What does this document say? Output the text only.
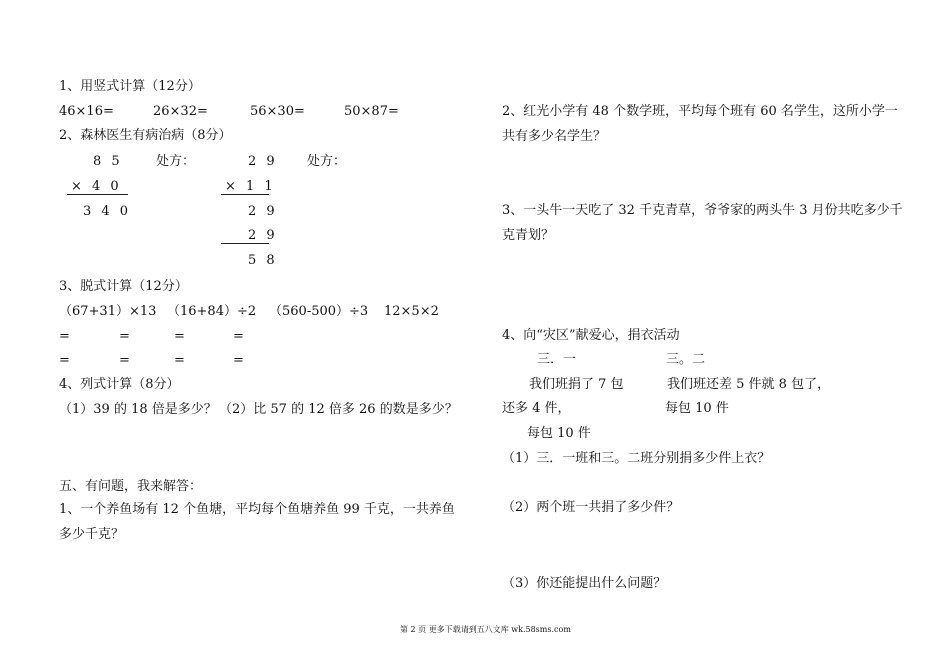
1、用竖式计算（12分）
46×16=	26×32=	56×30=	50×87=
2、森林医生有病治病（8分）
8 5	处方：
× 4 0
3 4 0
2 9 处方：
× 1 1
2 9
2 9
5 8
3、脱式计算（12分）
（67+31）×13 （16+84）÷2 （560-500）÷3 12×5×2
=	=	=	=
=	=	=	=
4、列式计算（8分）
（1）39 的 18 倍是多少？ （2）比 57 的 12 倍多 26 的数是多少？
五、有问题，我来解答：
1、一个养鱼场有 12 个鱼塘，平均每个鱼塘养鱼 99 千克，一共养鱼
多少千克？
2、红光小学有 48 个数学班，平均每个班有 60 名学生，这所小学一
共有多少名学生？
3、一头牛一天吃了 32 千克青草，爷爷家的两头牛 3 月份共吃多少千
克青划？
4、向“灾区”献爱心，捐衣活动
三．一	三。二
我们班捐了 7 包	我们班还差 5 件就 8 包了，
还多 4 件，	每包 10 件
每包 10 件
（1）三．一班和三。二班分别捐多少件上衣？
（2）两个班一共捐了多少件？
（3）你还能提出什么问题？
第 2 页 更多下载请到五八文库 wk.58sms.com
